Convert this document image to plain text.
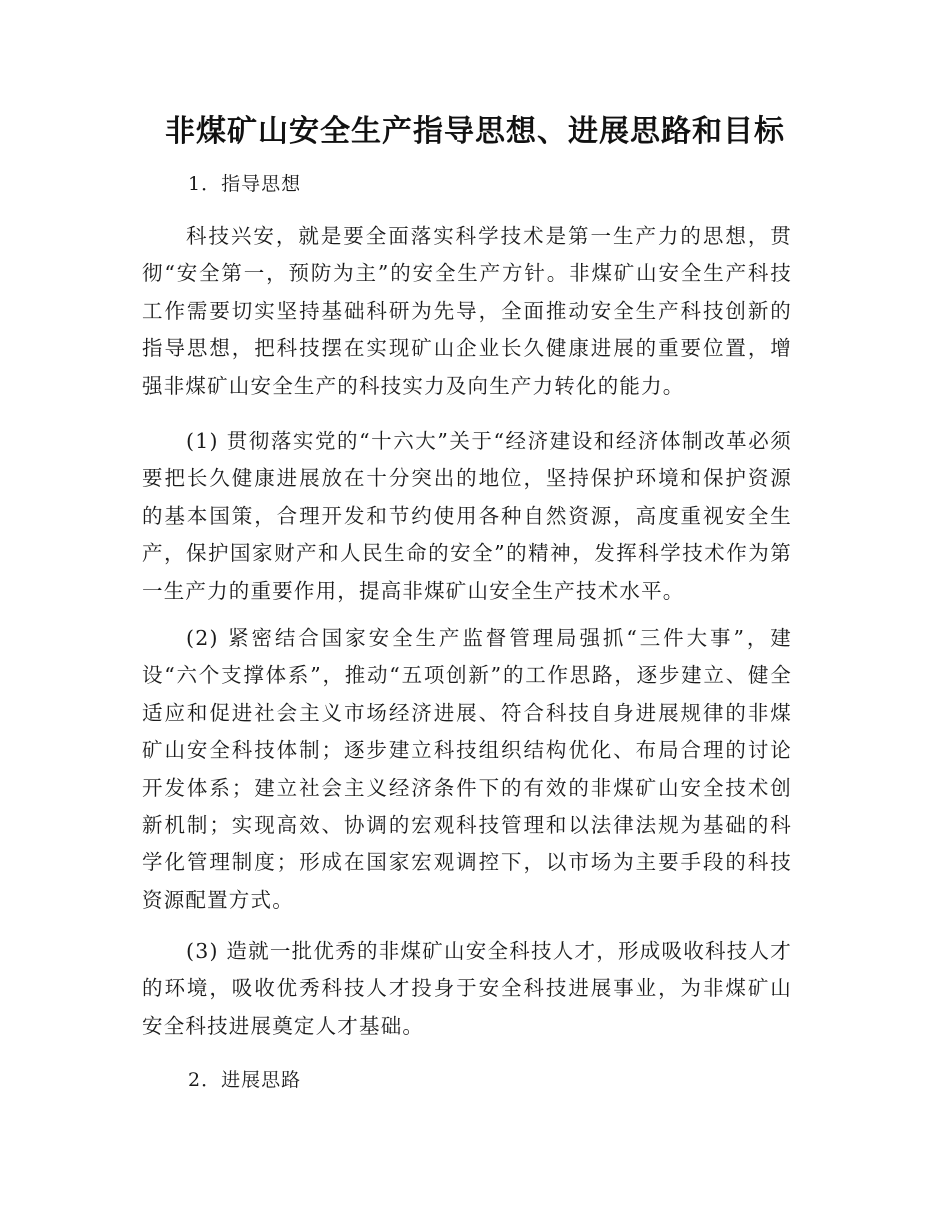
非煤矿山安全生产指导思想、进展思路和目标

1．指导思想

科技兴安，就是要全面落实科学技术是第一生产力的思想，贯彻“安全第一，预防为主”的安全生产方针。非煤矿山安全生产科技工作需要切实坚持基础科研为先导，全面推动安全生产科技创新的指导思想，把科技摆在实现矿山企业长久健康进展的重要位置，增强非煤矿山安全生产的科技实力及向生产力转化的能力。

(1) 贯彻落实党的“十六大”关于“经济建设和经济体制改革必须要把长久健康进展放在十分突出的地位，坚持保护环境和保护资源的基本国策，合理开发和节约使用各种自然资源，高度重视安全生产，保护国家财产和人民生命的安全”的精神，发挥科学技术作为第一生产力的重要作用，提高非煤矿山安全生产技术水平。

(2) 紧密结合国家安全生产监督管理局强抓“三件大事”，建设“六个支撑体系”，推动“五项创新”的工作思路，逐步建立、健全适应和促进社会主义市场经济进展、符合科技自身进展规律的非煤矿山安全科技体制；逐步建立科技组织结构优化、布局合理的讨论开发体系；建立社会主义经济条件下的有效的非煤矿山安全技术创新机制；实现高效、协调的宏观科技管理和以法律法规为基础的科学化管理制度；形成在国家宏观调控下，以市场为主要手段的科技资源配置方式。

(3) 造就一批优秀的非煤矿山安全科技人才，形成吸收科技人才的环境，吸收优秀科技人才投身于安全科技进展事业，为非煤矿山安全科技进展奠定人才基础。

2．进展思路
